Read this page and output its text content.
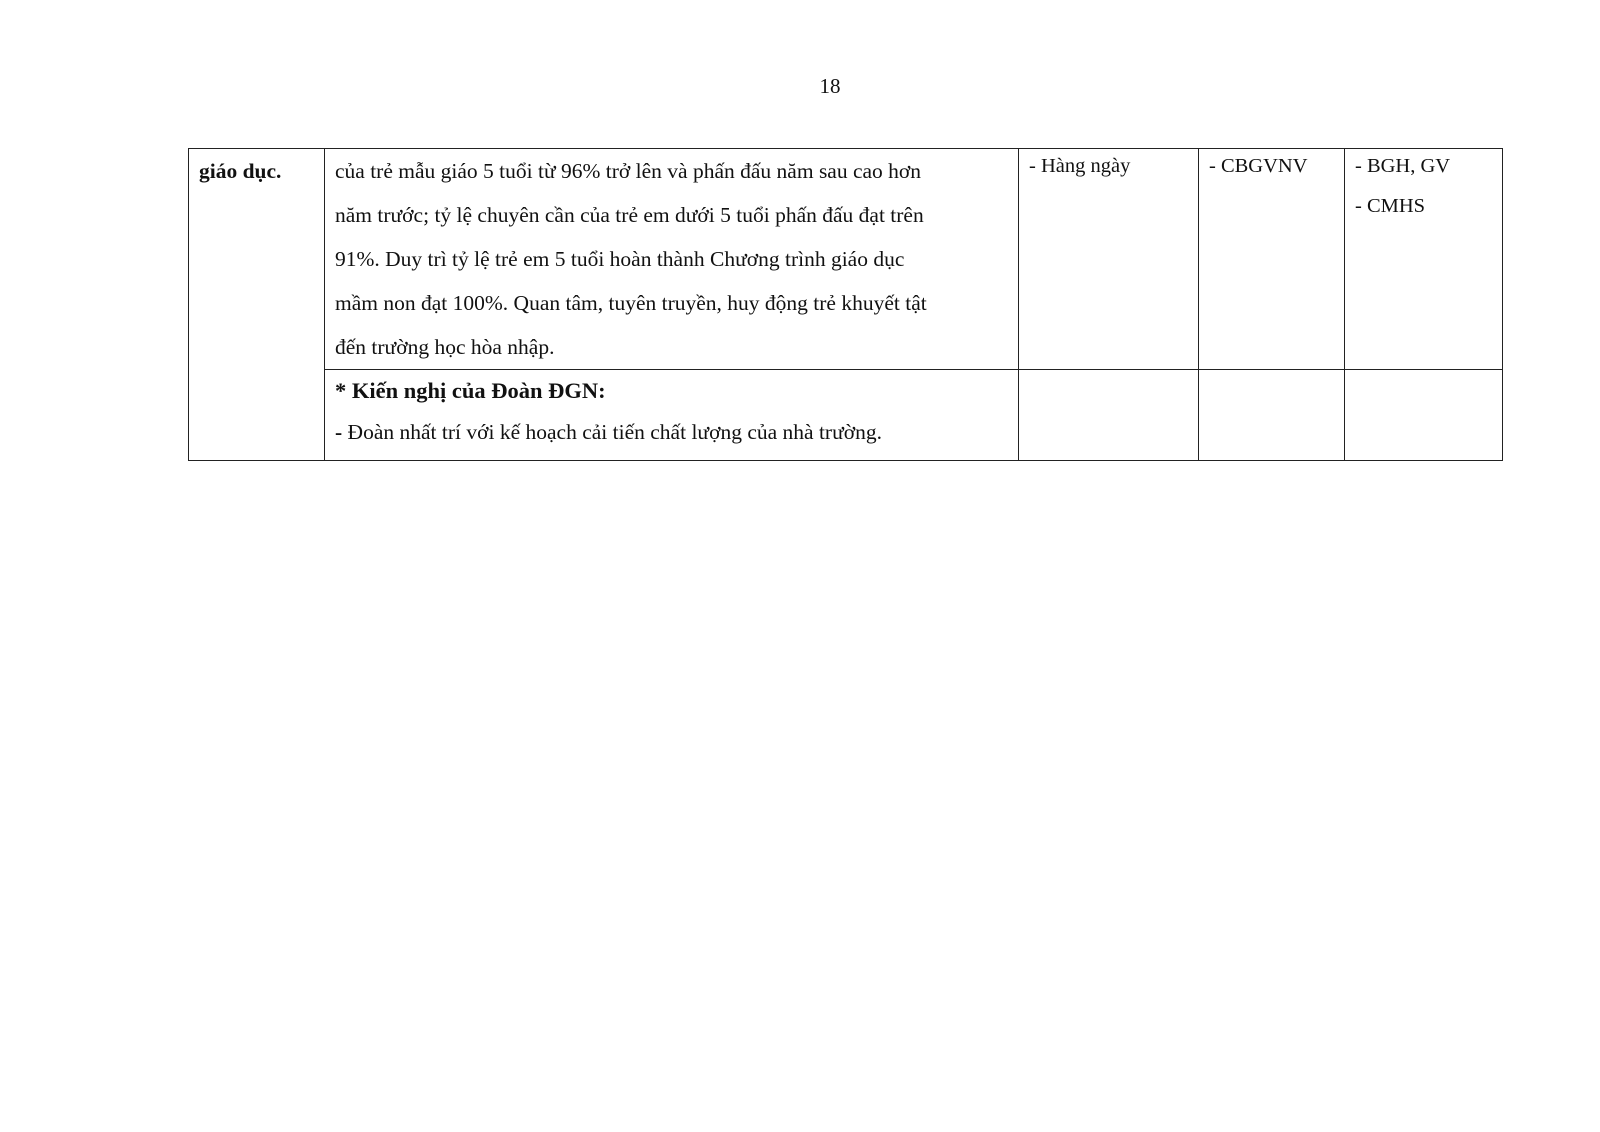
18
giáo dục.	của trẻ mẫu giáo 5 tuổi từ 96% trở lên và phấn đấu năm sau cao hơn
năm trước; tỷ lệ chuyên cần của trẻ em dưới 5 tuổi phấn đấu đạt trên
91%. Duy trì tỷ lệ trẻ em 5 tuổi hoàn thành Chương trình giáo dục
mầm non đạt 100%. Quan tâm, tuyên truyền, huy động trẻ khuyết tật
đến trường học hòa nhập.	- Hàng ngày	- CBGVNV	- BGH, GV
- CMHS

	* Kiến nghị của Đoàn ĐGN:
- Đoàn nhất trí với kế hoạch cải tiến chất lượng của nhà trường.			
